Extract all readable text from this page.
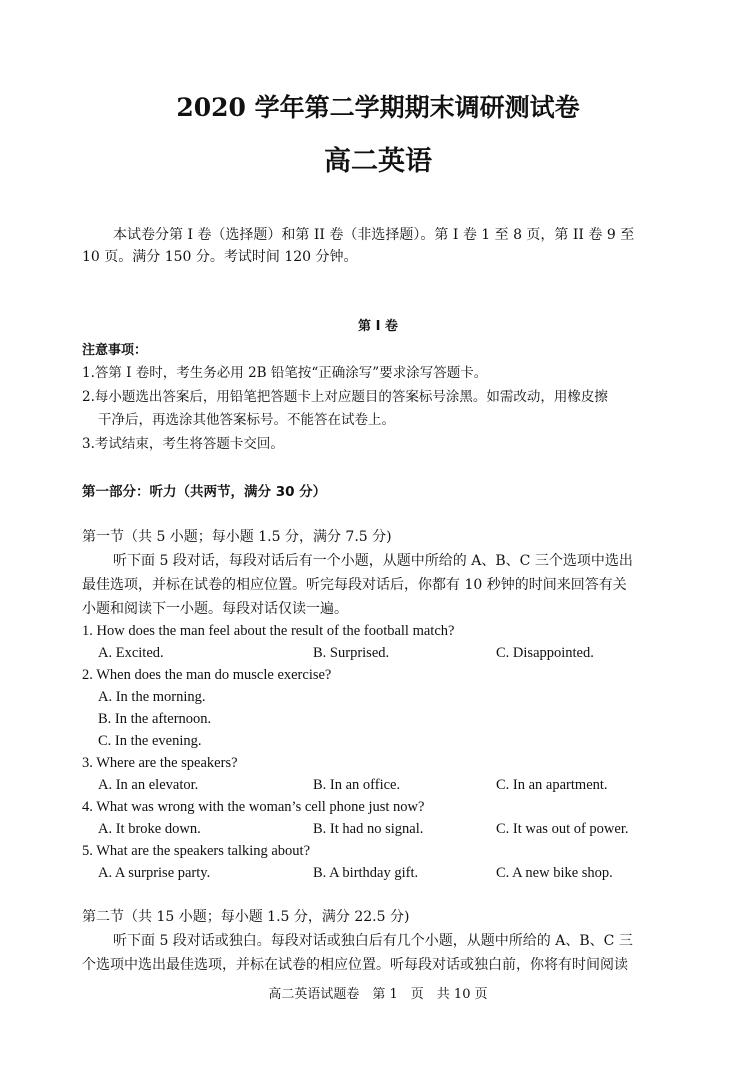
2020 学年第二学期期末调研测试卷
高二英语
本试卷分第 I 卷（选择题）和第 II 卷（非选择题）。第 I 卷 1 至 8 页，第 II 卷 9 至
10 页。满分 150 分。考试时间 120 分钟。
第 I 卷
注意事项：
1.答第 I 卷时，考生务必用 2B 铅笔按“正确涂写”要求涂写答题卡。
2.每小题选出答案后，用铅笔把答题卡上对应题目的答案标号涂黑。如需改动，用橡皮擦
干净后，再选涂其他答案标号。不能答在试卷上。
3.考试结束，考生将答题卡交回。
第一部分：听力（共两节，满分 30 分）
第一节（共 5 小题；每小题 1.5 分，满分 7.5 分)
听下面 5 段对话，每段对话后有一个小题，从题中所给的 A、B、C 三个选项中选出
最佳选项，并标在试卷的相应位置。听完每段对话后，你都有 10 秒钟的时间来回答有关
小题和阅读下一小题。每段对话仅读一遍。
1. How does the man feel about the result of the football match?
A. Excited.	B. Surprised.	C. Disappointed.
2. When does the man do muscle exercise?
A. In the morning.
B. In the afternoon.
C. In the evening.
3. Where are the speakers?
A. In an elevator.	B. In an office.	C. In an apartment.
4. What was wrong with the woman’s cell phone just now?
A. It broke down.	B. It had no signal.	C. It was out of power.
5. What are the speakers talking about?
A. A surprise party.	B. A birthday gift.	C. A new bike shop.
第二节（共 15 小题；每小题 1.5 分，满分 22.5 分)
听下面 5 段对话或独白。每段对话或独白后有几个小题，从题中所给的 A、B、C 三
个选项中选出最佳选项，并标在试卷的相应位置。听每段对话或独白前，你将有时间阅读
高二英语试题卷　第 1　页　共 10 页
